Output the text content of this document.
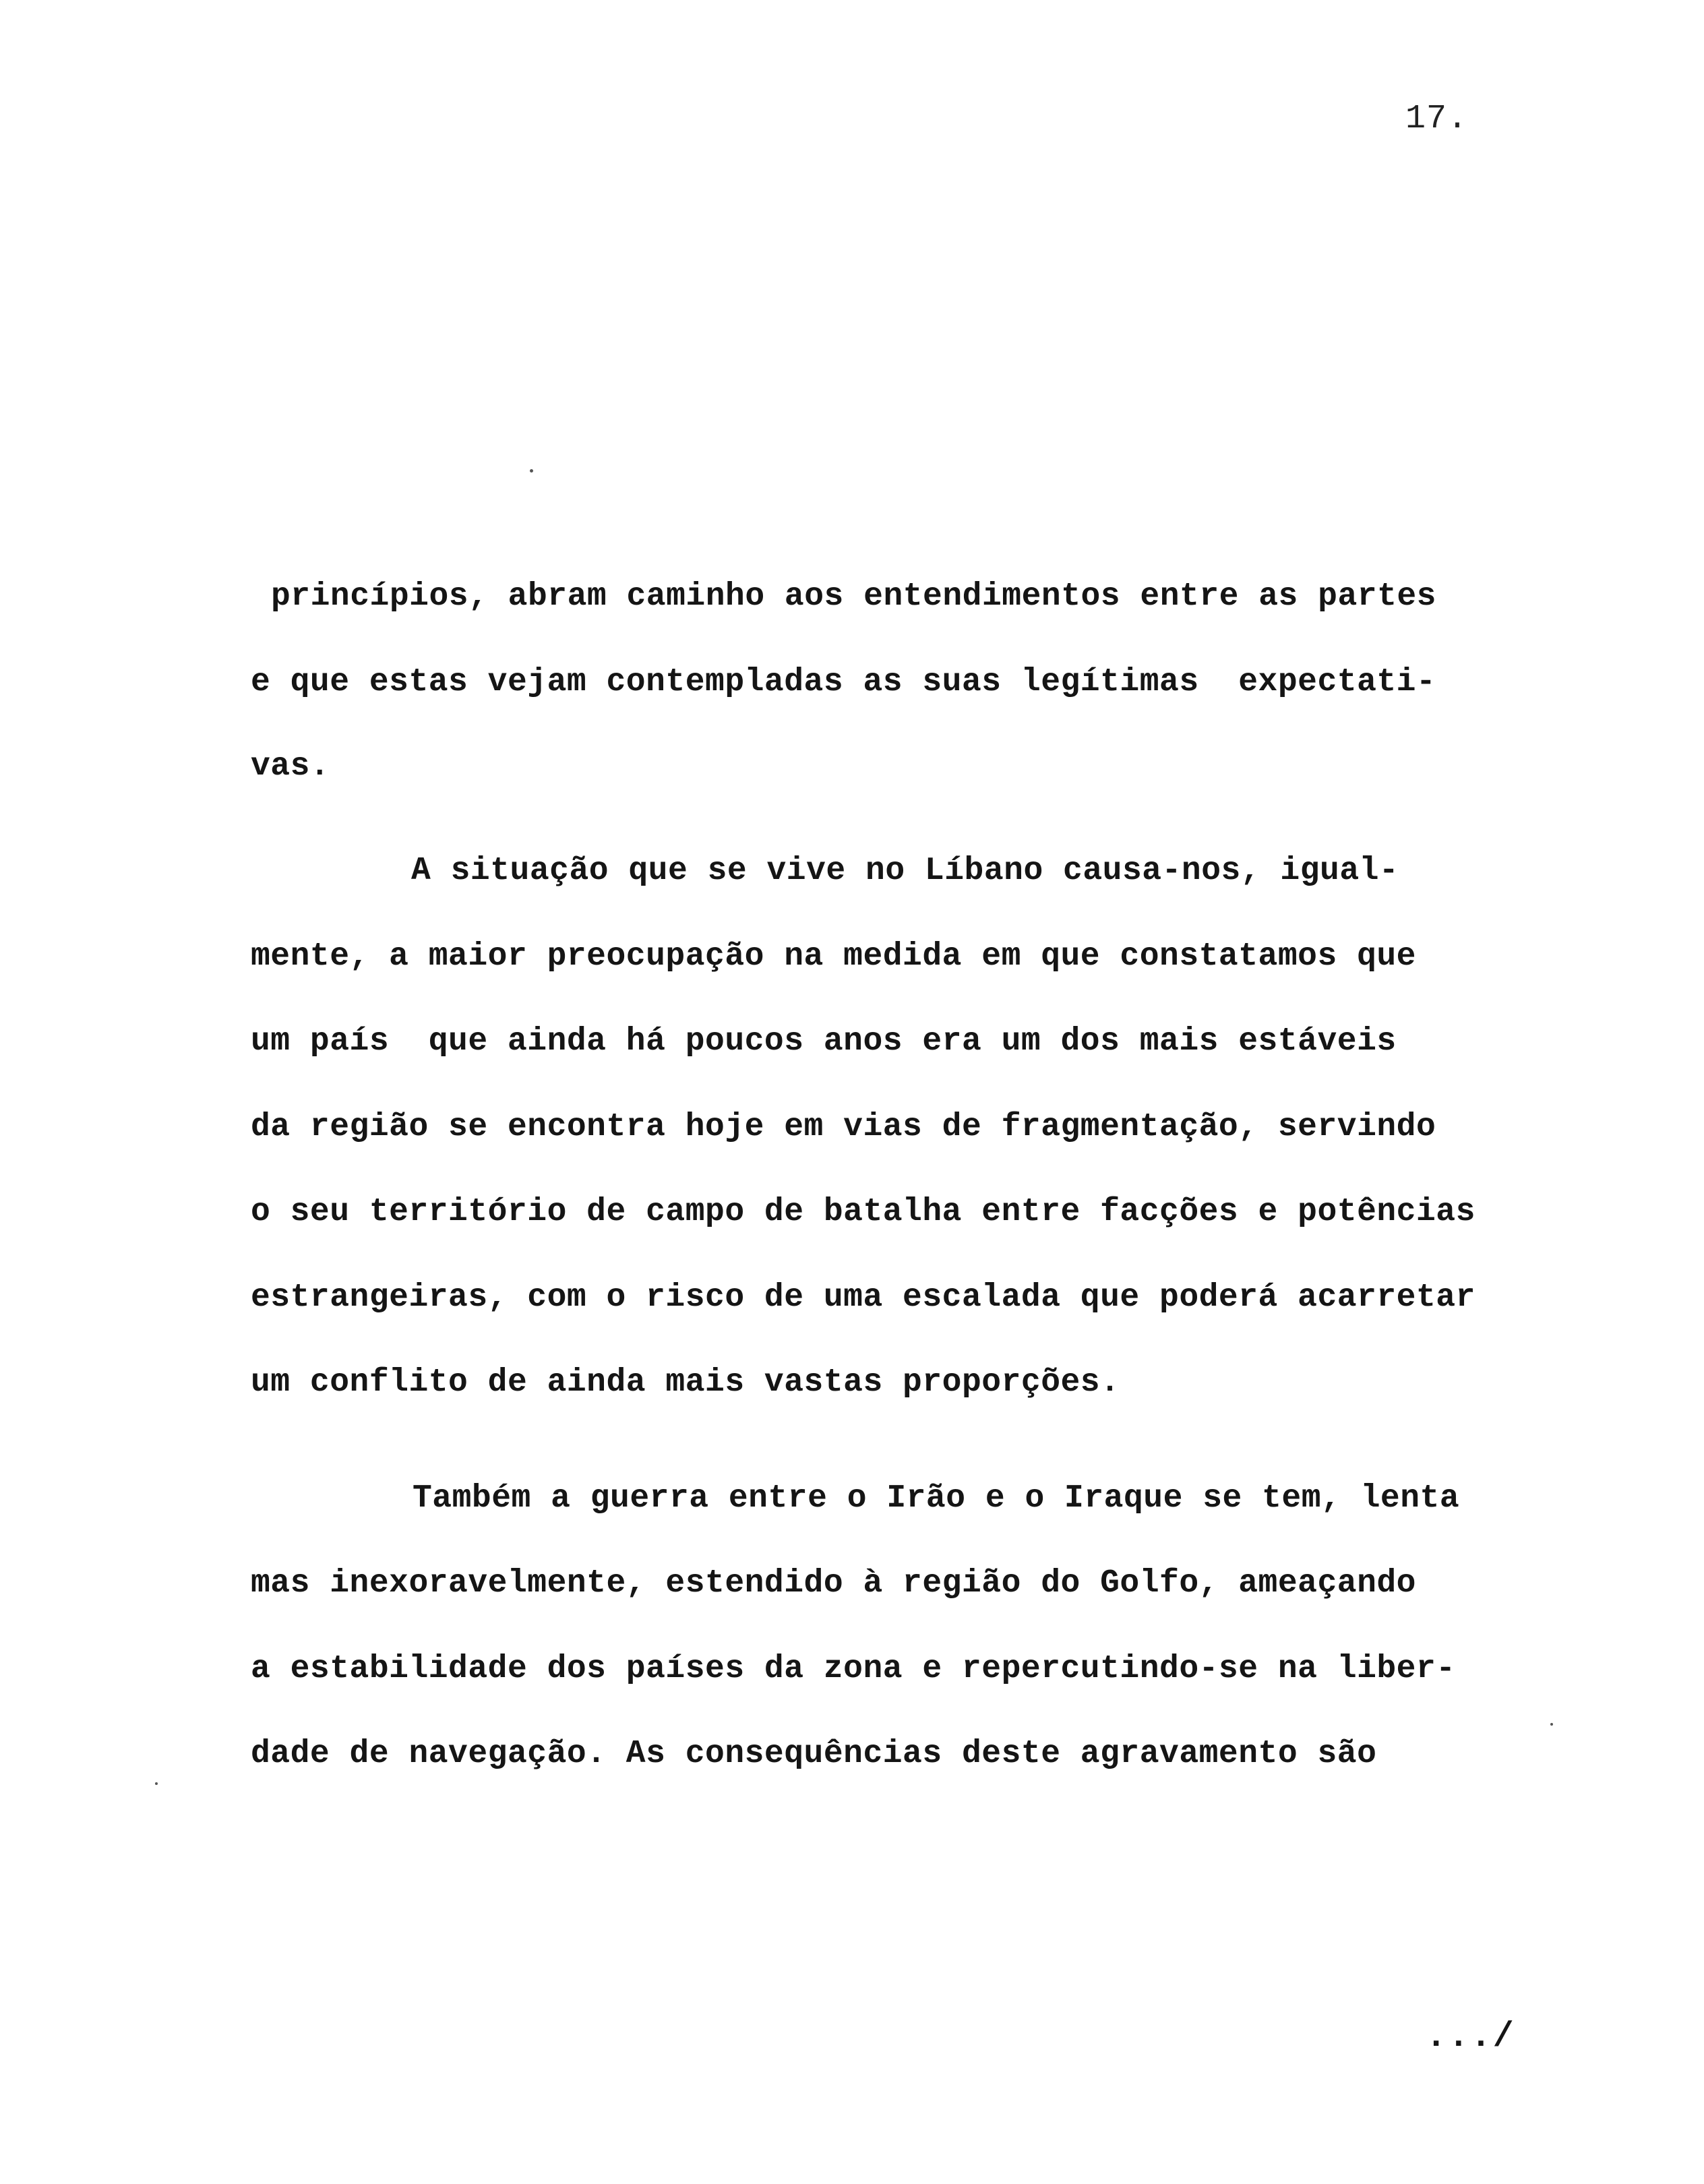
17.
princípios, abram caminho aos entendimentos entre as partes
e que estas vejam contempladas as suas legítimas  expectati-
vas.
A situação que se vive no Líbano causa-nos, igual-
mente, a maior preocupação na medida em que constatamos que
um país  que ainda há poucos anos era um dos mais estáveis
da região se encontra hoje em vias de fragmentação, servindo
o seu território de campo de batalha entre facções e potências
estrangeiras, com o risco de uma escalada que poderá acarretar
um conflito de ainda mais vastas proporções.
Também a guerra entre o Irão e o Iraque se tem, lenta
mas inexoravelmente, estendido à região do Golfo, ameaçando
a estabilidade dos países da zona e repercutindo-se na liber-
dade de navegação. As consequências deste agravamento são
.../
